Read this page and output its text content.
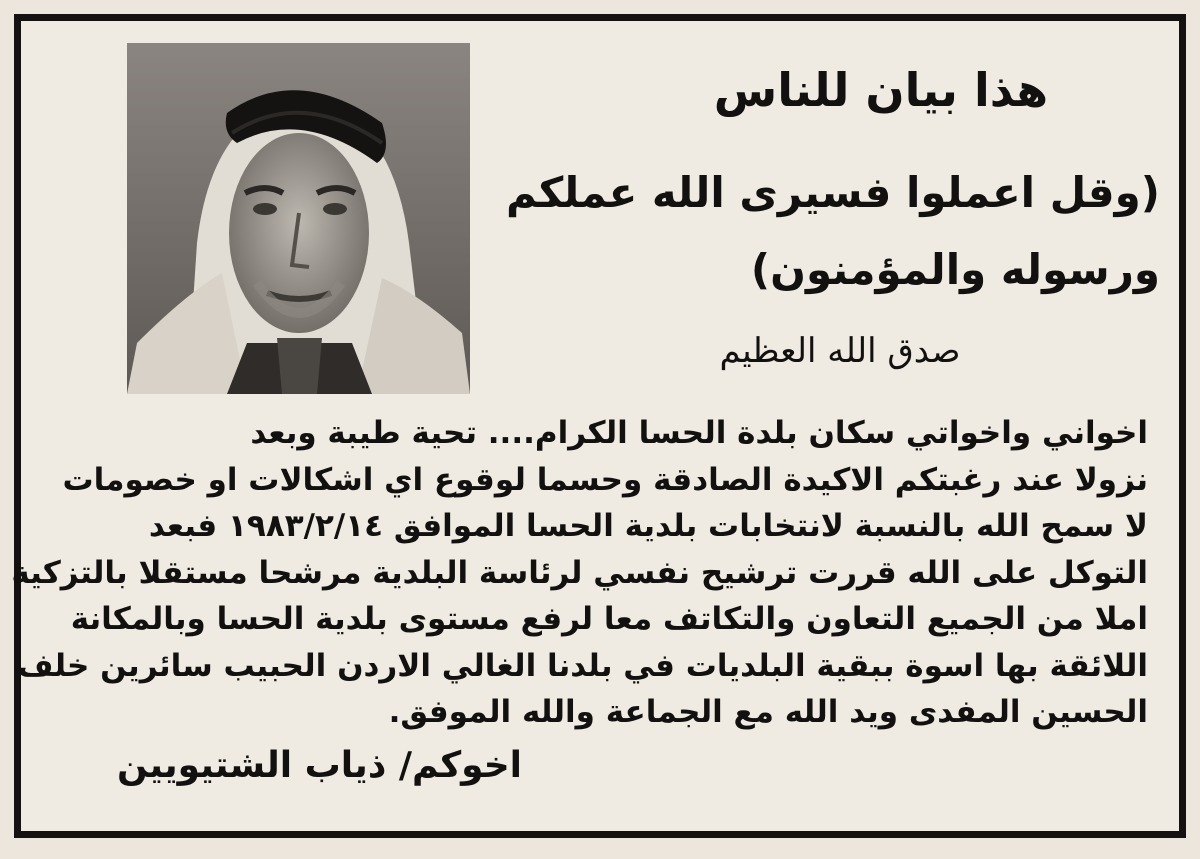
هذا بيان للناس
(وقل اعملوا فسيرى الله عملكم
ورسوله والمؤمنون)
صدق الله العظيم

اخواني واخواتي سكان بلدة الحسا الكرام.... تحية طيبة وبعد

نزولا عند رغبتكم الاكيدة الصادقة وحسما لوقوع اي اشكالات او خصومات

لا سمح الله بالنسبة لانتخابات بلدية الحسا الموافق ١٩٨٣/٢/١٤ فبعد

التوكل على الله قررت ترشيح نفسي لرئاسة البلدية مرشحا مستقلا بالتزكية

املا من الجميع التعاون والتكاتف معا لرفع مستوى بلدية الحسا وبالمكانة

اللائقة بها اسوة ببقية البلديات في بلدنا الغالي الاردن الحبيب سائرين خلف

الحسين المفدى ويد الله مع الجماعة والله الموفق.

اخوكم/ ذياب الشتيويين
